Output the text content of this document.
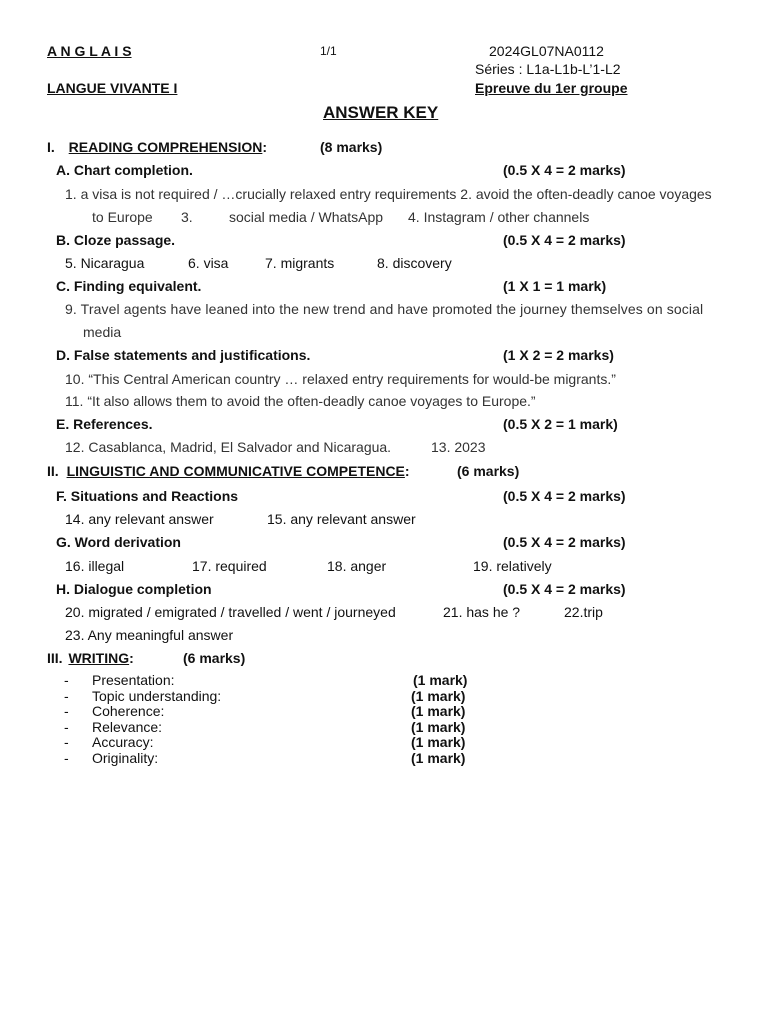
A N G L A I S	1/1	2024GL07NA0112
Séries : L1a-L1b-L’1-L2
LANGUE VIVANTE I	Epreuve du 1er groupe
ANSWER KEY
I. READING COMPREHENSION:	(8 marks)
A. Chart completion.	(0.5 X 4 = 2 marks)
1. a visa is not required / …crucially relaxed entry requirements 2. avoid the often-deadly canoe voyages
to Europe 3.	social media / WhatsApp 4. Instagram / other channels
B. Cloze passage.	(0.5 X 4 = 2 marks)
5. Nicaragua	6. visa	7. migrants	8. discovery
C. Finding equivalent.	(1 X 1 = 1 mark)
9. Travel agents have leaned into the new trend and have promoted the journey themselves on social
media
D. False statements and justifications.	(1 X 2 = 2 marks)
10. “This Central American country … relaxed entry requirements for would-be migrants.”
11. “It also allows them to avoid the often-deadly canoe voyages to Europe.”
E. References.	(0.5 X 2 = 1 mark)
12. Casablanca, Madrid, El Salvador and Nicaragua.	13. 2023
II. LINGUISTIC AND COMMUNICATIVE COMPETENCE:	(6 marks)
F. Situations and Reactions	(0.5 X 4 = 2 marks)
14. any relevant answer	15. any relevant answer
G. Word derivation	(0.5 X 4 = 2 marks)
16. illegal	17. required	18. anger	19. relatively
H. Dialogue completion	(0.5 X 4 = 2 marks)
20. migrated / emigrated / travelled / went / journeyed	21. has he ?	22.trip
23. Any meaningful answer
III. WRITING:	(6 marks)
- Presentation:	(1 mark)
- Topic understanding:	(1 mark)
- Coherence:	(1 mark)
- Relevance:	(1 mark)
- Accuracy:	(1 mark)
- Originality:	(1 mark)
